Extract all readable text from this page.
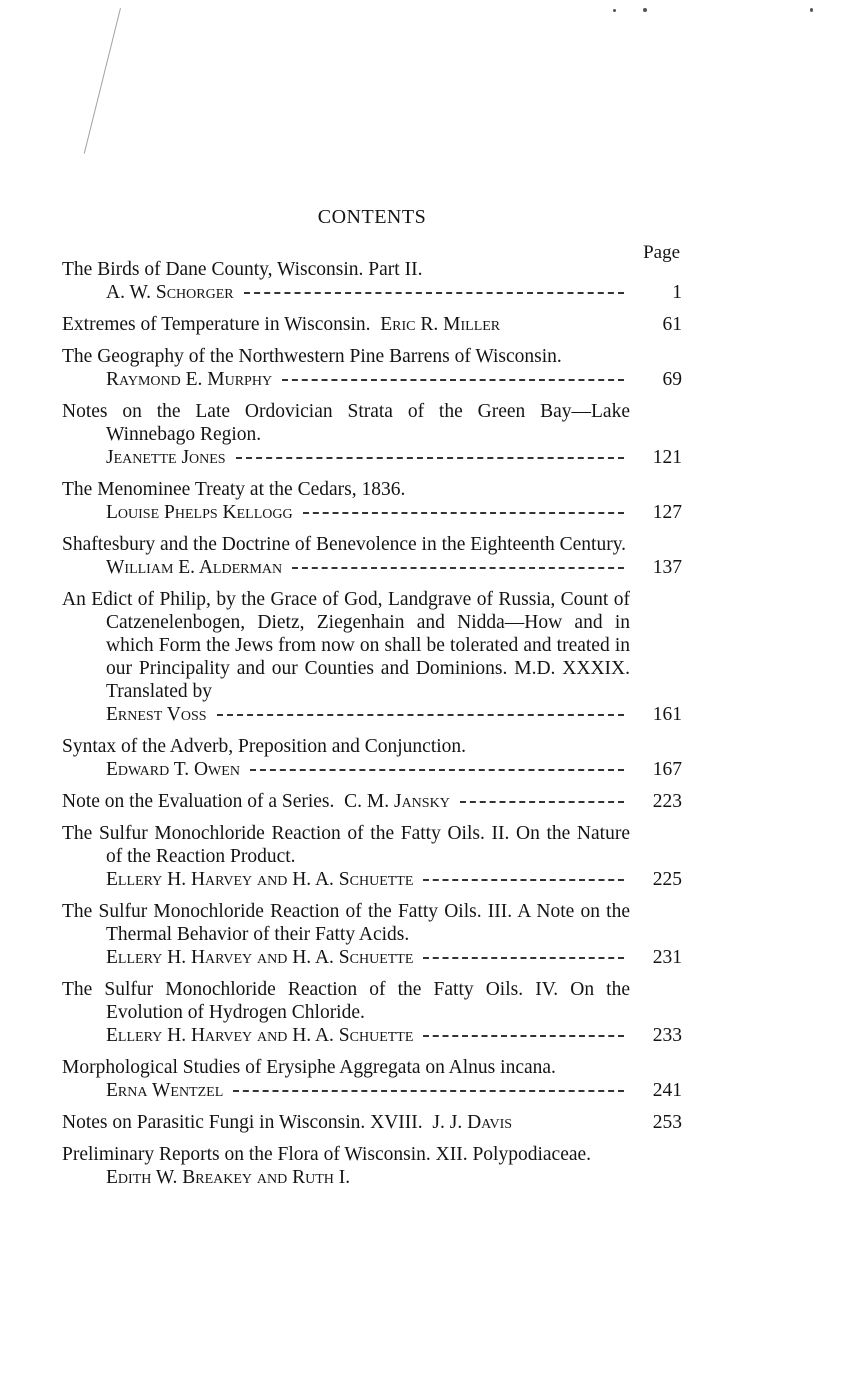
CONTENTS
Page
The Birds of Dane County, Wisconsin. Part II.
A. W. Schorger	1
Extremes of Temperature in Wisconsin.
Eric R. Miller	61
The Geography of the Northwestern Pine Barrens of Wisconsin.
Raymond E. Murphy	69
Notes on the Late Ordovician Strata of the Green Bay—Lake Winnebago Region.
Jeanette Jones	121
The Menominee Treaty at the Cedars, 1836.
Louise Phelps Kellogg	127
Shaftesbury and the Doctrine of Benevolence in the Eighteenth Century.
William E. Alderman	137
An Edict of Philip, by the Grace of God, Landgrave of Russia, Count of Catzenelenbogen, Dietz, Ziegenhain and Nidda—How and in which Form the Jews from now on shall be tolerated and treated in our Principality and our Counties and Dominions. M.D. XXXIX. Translated by
Ernest Voss	161
Syntax of the Adverb, Preposition and Conjunction.
Edward T. Owen	167
Note on the Evaluation of a Series.
C. M. Jansky	223
The Sulfur Monochloride Reaction of the Fatty Oils. II. On the Nature of the Reaction Product.
Ellery H. Harvey and H. A. Schuette	225
The Sulfur Monochloride Reaction of the Fatty Oils. III. A Note on the Thermal Behavior of their Fatty Acids.
Ellery H. Harvey and H. A. Schuette	231
The Sulfur Monochloride Reaction of the Fatty Oils. IV. On the Evolution of Hydrogen Chloride.
Ellery H. Harvey and H. A. Schuette	233
Morphological Studies of Erysiphe Aggregata on Alnus incana.
Erna Wentzel	241
Notes on Parasitic Fungi in Wisconsin. XVIII.
J. J. Davis	253
Preliminary Reports on the Flora of Wisconsin. XII. Polypodiaceae.
Edith W. Breakey and Ruth I.
